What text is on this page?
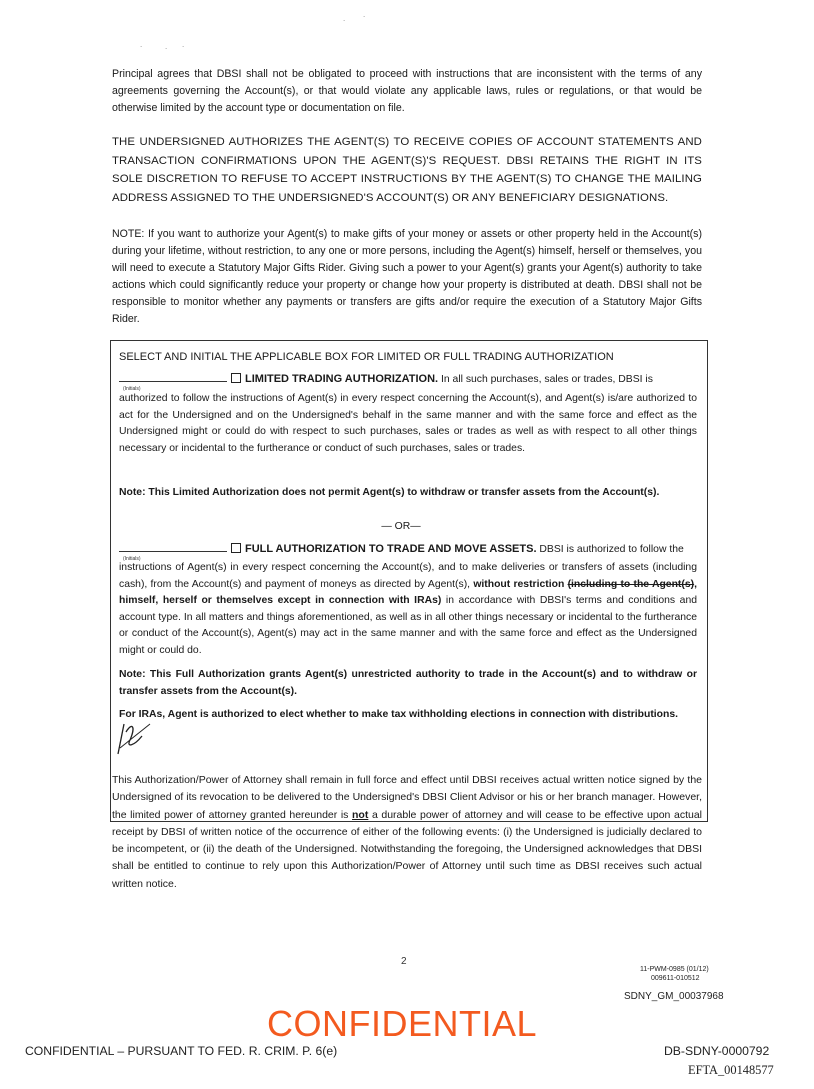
. .
.	. .
Principal agrees that DBSI shall not be obligated to proceed with instructions that are inconsistent with the terms of any agreements governing the Account(s), or that would violate any applicable laws, rules or regulations, or that would be otherwise limited by the account type or documentation on file.
THE UNDERSIGNED AUTHORIZES THE AGENT(S) TO RECEIVE COPIES OF ACCOUNT STATEMENTS AND TRANSACTION CONFIRMATIONS UPON THE AGENT(S)'S REQUEST. DBSI RETAINS THE RIGHT IN ITS SOLE DISCRETION TO REFUSE TO ACCEPT INSTRUCTIONS BY THE AGENT(S) TO CHANGE THE MAILING ADDRESS ASSIGNED TO THE UNDERSIGNED'S ACCOUNT(S) OR ANY BENEFICIARY DESIGNATIONS.
NOTE: If you want to authorize your Agent(s) to make gifts of your money or assets or other property held in the Account(s) during your lifetime, without restriction, to any one or more persons, including the Agent(s) himself, herself or themselves, you will need to execute a Statutory Major Gifts Rider. Giving such a power to your Agent(s) grants your Agent(s) authority to take actions which could significantly reduce your property or change how your property is distributed at death. DBSI shall not be responsible to monitor whether any payments or transfers are gifts and/or require the execution of a Statutory Major Gifts Rider.
SELECT AND INITIAL THE APPLICABLE BOX FOR LIMITED OR FULL TRADING AUTHORIZATION
LIMITED TRADING AUTHORIZATION. In all such purchases, sales or trades, DBSI is
(Initials)
authorized to follow the instructions of Agent(s) in every respect concerning the Account(s), and Agent(s) is/are authorized to act for the Undersigned and on the Undersigned's behalf in the same manner and with the same force and effect as the Undersigned might or could do with respect to such purchases, sales or trades as well as with respect to all other things necessary or incidental to the furtherance or conduct of such purchases, sales or trades.
Note: This Limited Authorization does not permit Agent(s) to withdraw or transfer assets from the Account(s).
— OR—
FULL AUTHORIZATION TO TRADE AND MOVE ASSETS. DBSI is authorized to follow the
(Initials)
instructions of Agent(s) in every respect concerning the Account(s), and to make deliveries or transfers of assets (including cash), from the Account(s) and payment of moneys as directed by Agent(s), without restriction (including to the Agent(s), himself, herself or themselves except in connection with IRAs) in accordance with DBSI's terms and conditions and account type. In all matters and things aforementioned, as well as in all other things necessary or incidental to the furtherance or conduct of the Account(s), Agent(s) may act in the same manner and with the same force and effect as the Undersigned might or could do.
Note: This Full Authorization grants Agent(s) unrestricted authority to trade in the Account(s) and to withdraw or transfer assets from the Account(s).
For IRAs, Agent is authorized to elect whether to make tax withholding elections in connection with distributions.
This Authorization/Power of Attorney shall remain in full force and effect until DBSI receives actual written notice signed by the Undersigned of its revocation to be delivered to the Undersigned's DBSI Client Advisor or his or her branch manager. However, the limited power of attorney granted hereunder is not a durable power of attorney and will cease to be effective upon actual receipt by DBSI of written notice of the occurrence of either of the following events: (i) the Undersigned is judicially declared to be incompetent, or (ii) the death of the Undersigned. Notwithstanding the foregoing, the Undersigned acknowledges that DBSI shall be entitled to continue to rely upon this Authorization/Power of Attorney until such time as DBSI receives such actual written notice.
2
11-PWM-0985 (01/12)
009611-010512
SDNY_GM_00037968
CONFIDENTIAL
CONFIDENTIAL – PURSUANT TO FED. R. CRIM. P. 6(e)	DB-SDNY-0000792
EFTA_00148577
